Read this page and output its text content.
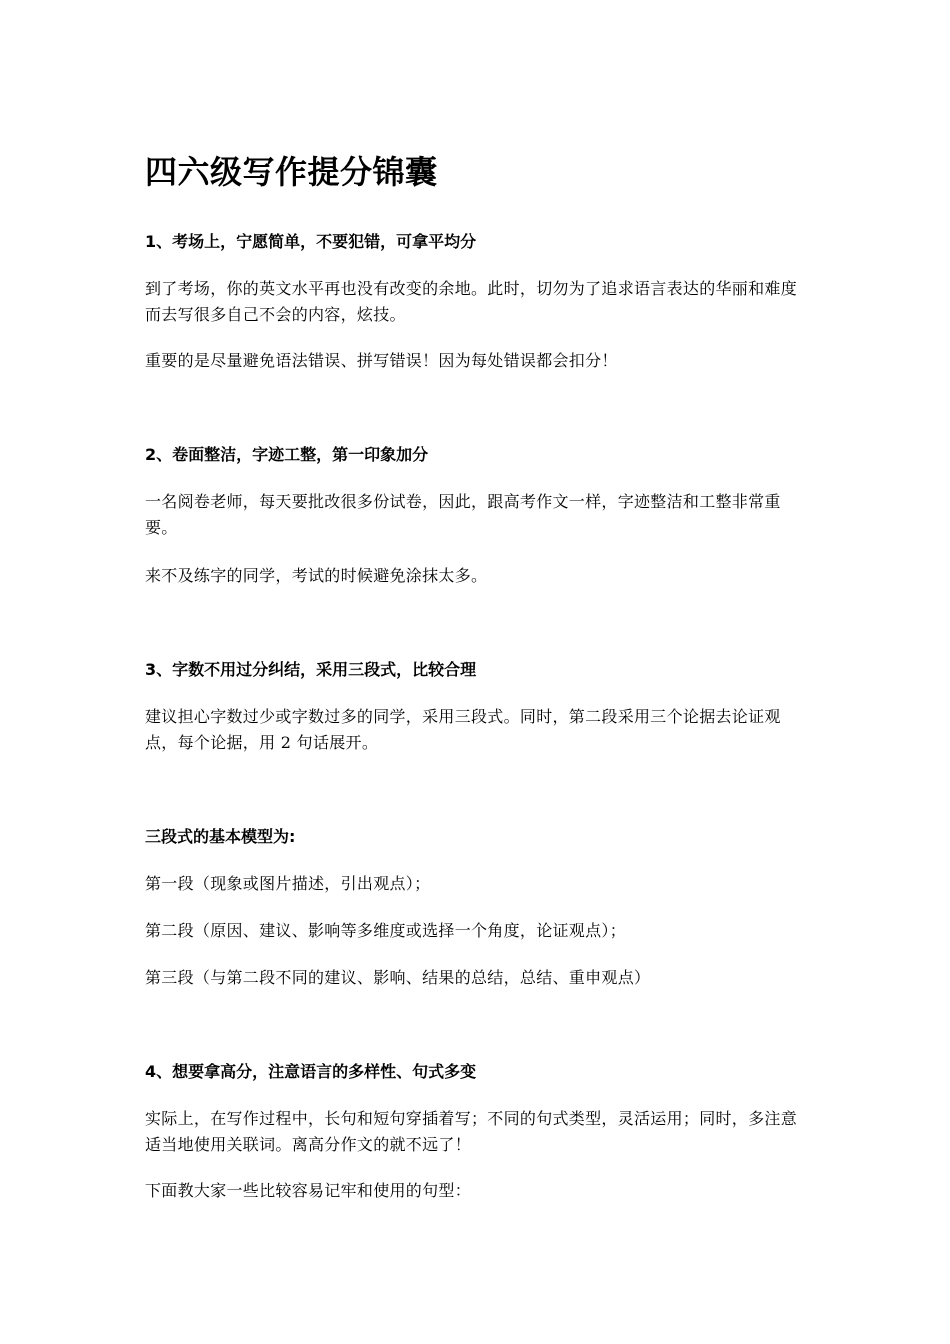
四六级写作提分锦囊
1、考场上，宁愿简单，不要犯错，可拿平均分

到了考场，你的英文水平再也没有改变的余地。此时，切勿为了追求语言表达的华丽和难度而去写很多自己不会的内容，炫技。

重要的是尽量避免语法错误、拼写错误！因为每处错误都会扣分！

2、卷面整洁，字迹工整，第一印象加分

一名阅卷老师，每天要批改很多份试卷，因此，跟高考作文一样，字迹整洁和工整非常重要。

来不及练字的同学，考试的时候避免涂抹太多。

3、字数不用过分纠结，采用三段式，比较合理

建议担心字数过少或字数过多的同学，采用三段式。同时，第二段采用三个论据去论证观点，每个论据，用 2 句话展开。

三段式的基本模型为:

第一段（现象或图片描述，引出观点）；

第二段（原因、建议、影响等多维度或选择一个角度，论证观点）；

第三段（与第二段不同的建议、影响、结果的总结，总结、重申观点）

4、想要拿高分，注意语言的多样性、句式多变

实际上，在写作过程中，长句和短句穿插着写；不同的句式类型，灵活运用；同时，多注意适当地使用关联词。离高分作文的就不远了！

下面教大家一些比较容易记牢和使用的句型：
